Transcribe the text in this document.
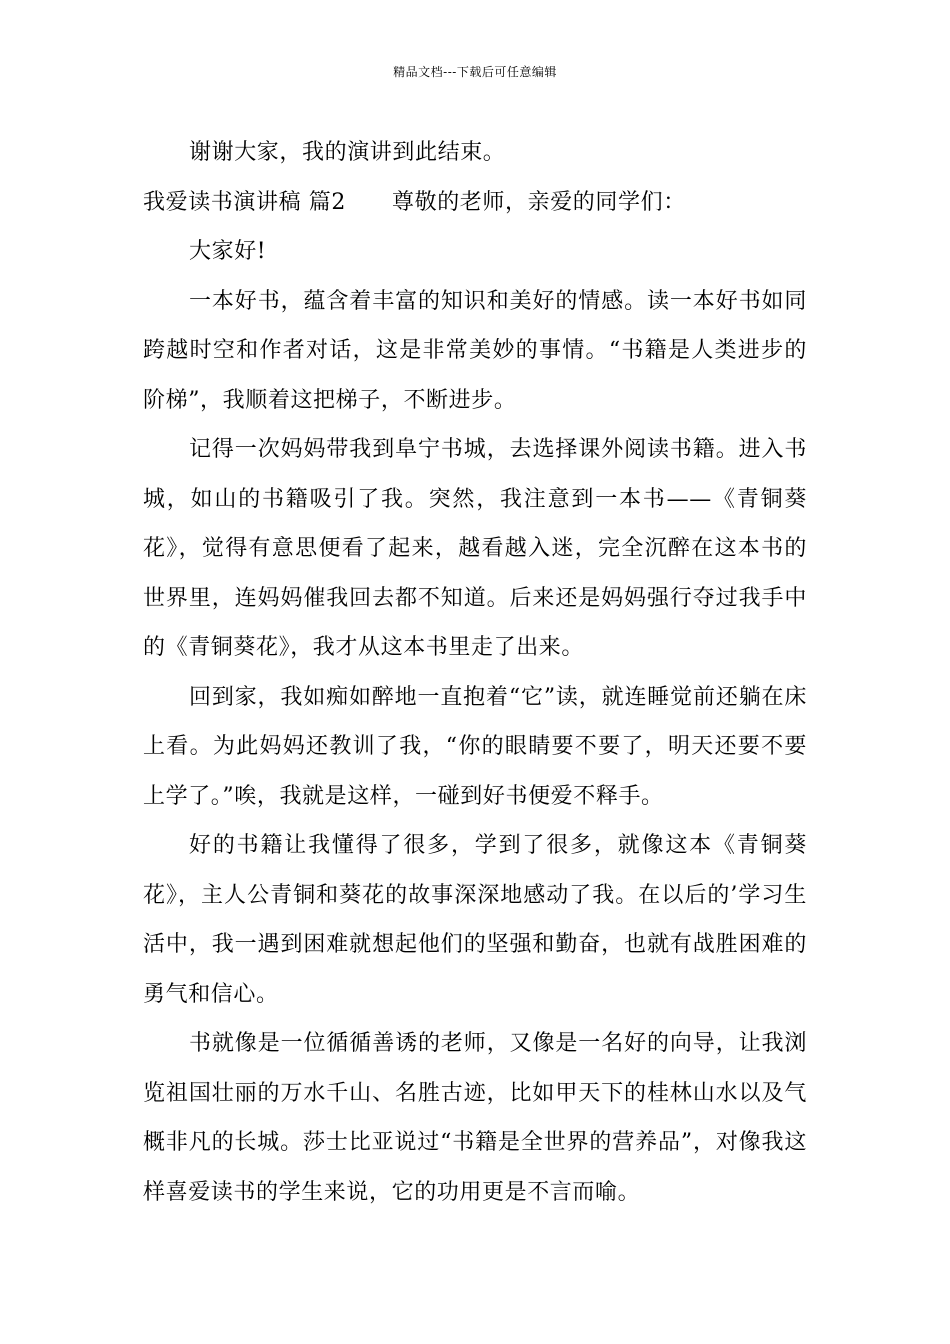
精品文档---下载后可任意编辑

谢谢大家，我的演讲到此结束。

我爱读书演讲稿 篇2 尊敬的老师，亲爱的同学们：

大家好!

一本好书，蕴含着丰富的知识和美好的情感。读一本好书如同跨越时空和作者对话，这是非常美妙的事情。“书籍是人类进步的阶梯”，我顺着这把梯子，不断进步。

记得一次妈妈带我到阜宁书城，去选择课外阅读书籍。进入书城，如山的书籍吸引了我。突然，我注意到一本书——《青铜葵花》，觉得有意思便看了起来，越看越入迷，完全沉醉在这本书的世界里，连妈妈催我回去都不知道。后来还是妈妈强行夺过我手中的《青铜葵花》，我才从这本书里走了出来。

回到家，我如痴如醉地一直抱着“它”读，就连睡觉前还躺在床上看。为此妈妈还教训了我，“你的眼睛要不要了，明天还要不要上学了。”唉，我就是这样，一碰到好书便爱不释手。

好的书籍让我懂得了很多，学到了很多，就像这本《青铜葵花》，主人公青铜和葵花的故事深深地感动了我。在以后的’学习生活中，我一遇到困难就想起他们的坚强和勤奋，也就有战胜困难的勇气和信心。

书就像是一位循循善诱的老师，又像是一名好的向导，让我浏览祖国壮丽的万水千山、名胜古迹，比如甲天下的桂林山水以及气概非凡的长城。莎士比亚说过“书籍是全世界的营养品”，对像我这样喜爱读书的学生来说，它的功用更是不言而喻。
